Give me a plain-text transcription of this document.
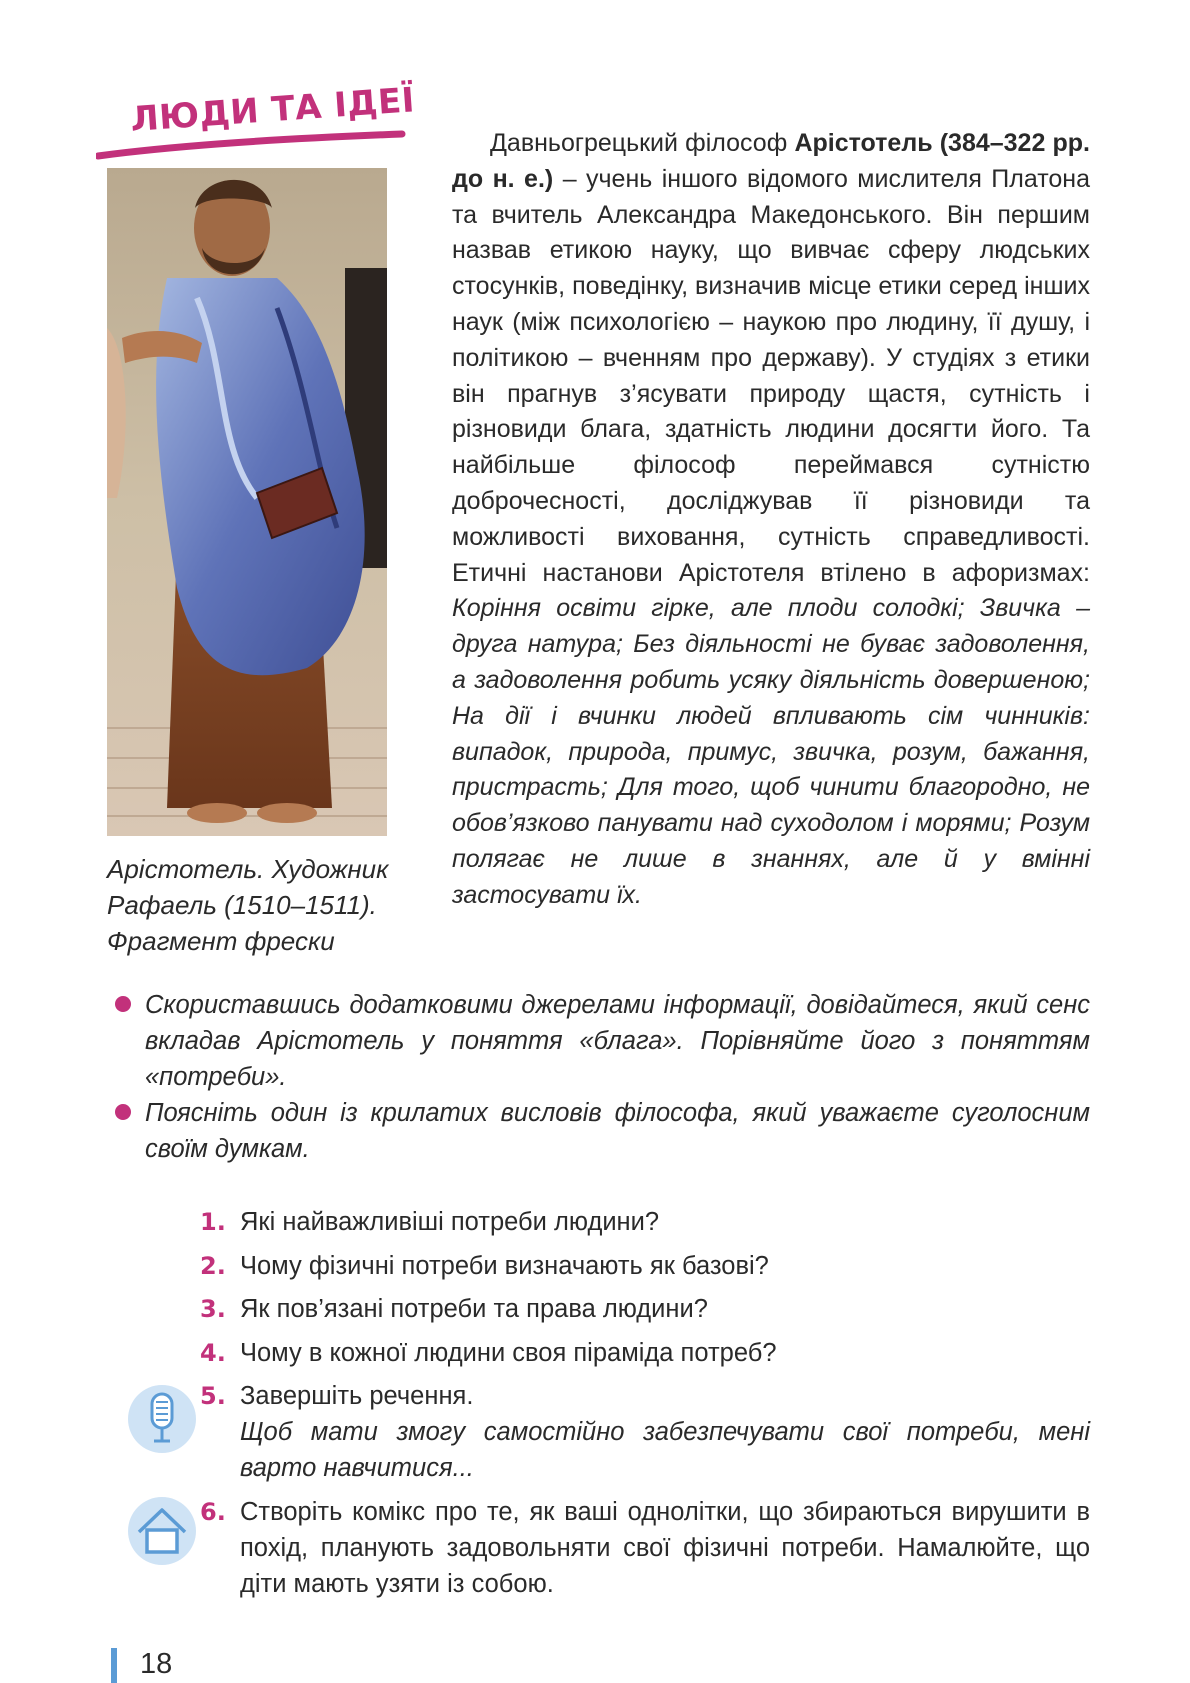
ЛЮДИ ТА ІДЕЇ
Арістотель. Художник
Рафаель (1510–1511).
Фрагмент фрески

Давньогрецький філософ Арістотель (384–322 рр. до н. е.) – учень іншого відомого мислителя Платона та вчитель Александра Македонського. Він першим назвав етикою науку, що вивчає сферу людських стосунків, поведінку, визначив місце етики серед інших наук (між психологією – наукою про людину, її душу, і політикою – вченням про державу). У студіях з етики він прагнув з’ясувати природу щастя, сутність і різновиди блага, здатність людини досягти його. Та найбільше філософ переймався сутністю доброчесності, досліджував її різновиди та можливості виховання, сутність справедливості. Етичні настанови Арістотеля втілено в афоризмах: Коріння освіти гірке, але плоди солодкі; Звичка – друга натура; Без діяльності не буває задоволення, а задоволення робить усяку діяльність довершеною; На дії і вчинки людей впливають сім чинників: випадок, природа, примус, звичка, розум, бажання, пристрасть; Для того, щоб чинити благородно, не обов’язково панувати над суходолом і морями; Розум полягає не лише в знаннях, але й у вмінні застосувати їх.

Скориставшись додатковими джерелами інформації, довідайтеся, який сенс вкладав Арістотель у поняття «блага». Порівняйте його з поняттям «потреби».
Поясніть один із крилатих висловів філософа, який уважаєте суголосним своїм думкам.
1. Які найважливіші потреби людини?
2. Чому фізичні потреби визначають як базові?
3. Як пов’язані потреби та права людини?
4. Чому в кожної людини своя піраміда потреб?
5. Завершіть речення.
Щоб мати змогу самостійно забезпечувати свої потреби, мені варто навчитися...
6. Створіть комікс про те, як ваші однолітки, що збираються вирушити в похід, планують задовольняти свої фізичні потреби. Намалюйте, що діти мають узяти із собою.
18
